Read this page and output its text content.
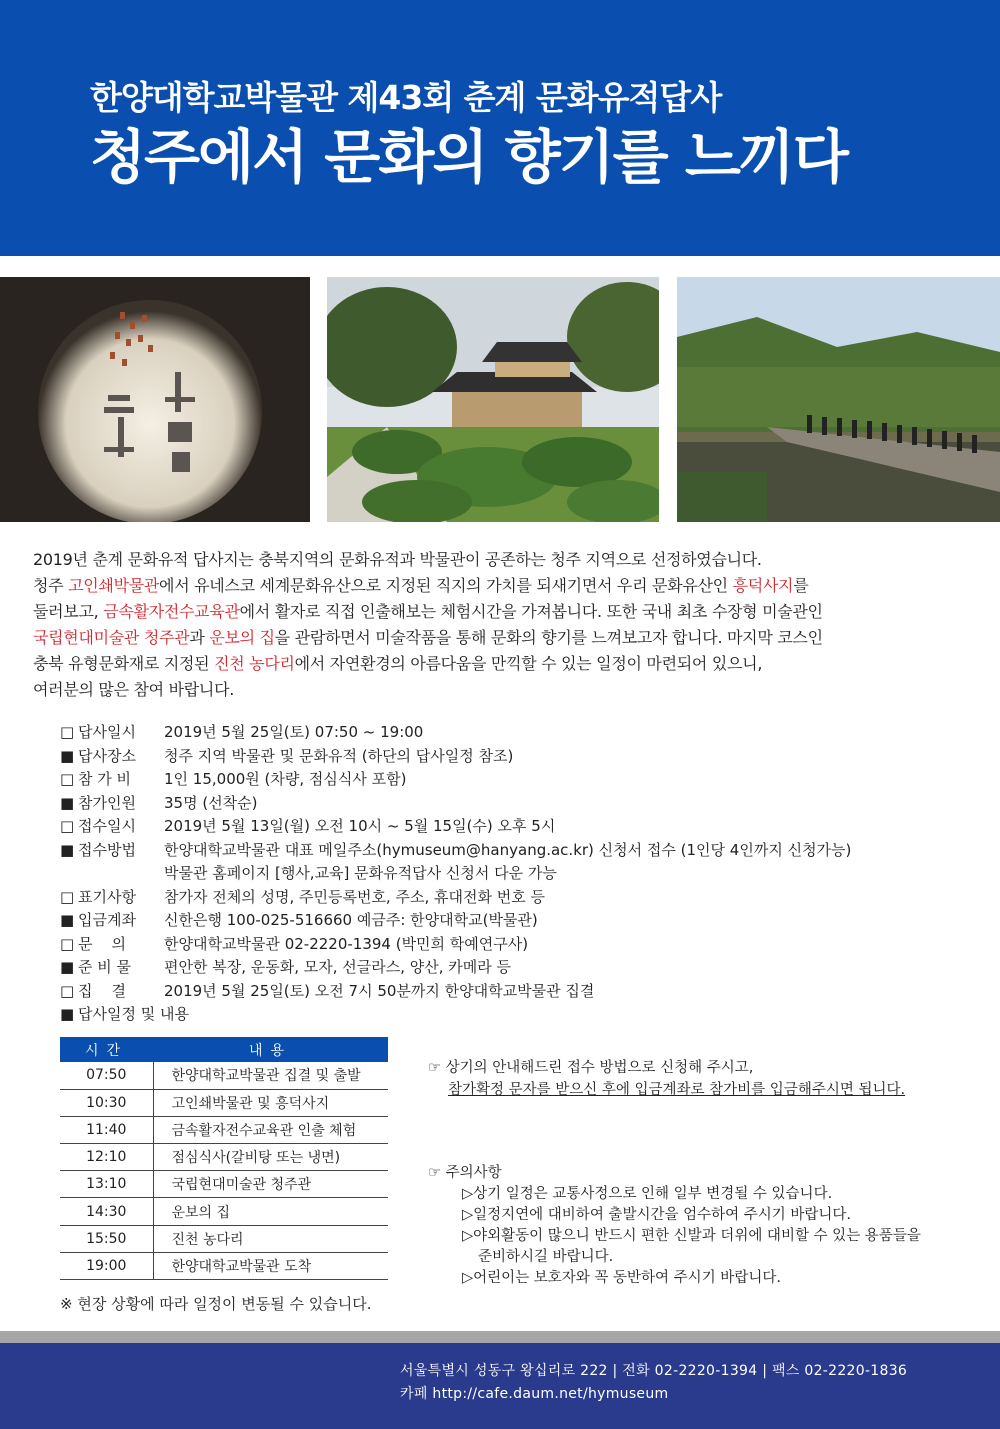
한양대학교박물관 제43회 춘계 문화유적답사
청주에서 문화의 향기를 느끼다
2019년 춘계 문화유적 답사지는 충북지역의 문화유적과 박물관이 공존하는 청주 지역으로 선정하였습니다.
청주 고인쇄박물관에서 유네스코 세계문화유산으로 지정된 직지의 가치를 되새기면서 우리 문화유산인 흥덕사지를
둘러보고, 금속활자전수교육관에서 활자로 직접 인출해보는 체험시간을 가져봅니다. 또한 국내 최초 수장형 미술관인
국립현대미술관 청주관과 운보의 집을 관람하면서 미술작품을 통해 문화의 향기를 느껴보고자 합니다. 마지막 코스인
충북 유형문화재로 지정된 진천 농다리에서 자연환경의 아름다움을 만끽할 수 있는 일정이 마련되어 있으니,
여러분의 많은 참여 바랍니다.
□ 답사일시	2019년 5월 25일(토) 07:50 ~ 19:00
■ 답사장소	청주 지역 박물관 및 문화유적 (하단의 답사일정 참조)
□ 참 가 비	1인 15,000원 (차량, 점심식사 포함)
■ 참가인원	35명 (선착순)
□ 접수일시	2019년 5월 13일(월) 오전 10시 ~ 5월 15일(수) 오후 5시
■ 접수방법	한양대학교박물관 대표 메일주소(hymuseum@hanyang.ac.kr) 신청서 접수 (1인당 4인까지 신청가능)
박물관 홈페이지 [행사,교육] 문화유적답사 신청서 다운 가능
□ 표기사항	참가자 전체의 성명, 주민등록번호, 주소, 휴대전화 번호 등
■ 입금계좌	신한은행 100-025-516660 예금주: 한양대학교(박물관)
□ 문    의	한양대학교박물관 02-2220-1394 (박민희 학예연구사)
■ 준 비 물	편안한 복장, 운동화, 모자, 선글라스, 양산, 카메라 등
□ 집    결	2019년 5월 25일(토) 오전 7시 50분까지 한양대학교박물관 집결
■ 답사일정 및 내용
시간	내용
07:50	한양대학교박물관 집결 및 출발
10:30	고인쇄박물관 및 흥덕사지
11:40	금속활자전수교육관 인출 체험
12:10	점심식사(갈비탕 또는 냉면)
13:10	국립현대미술관 청주관
14:30	운보의 집
15:50	진천 농다리
19:00	한양대학교박물관 도착
※ 현장 상황에 따라 일정이 변동될 수 있습니다.
☞ 상기의 안내해드린 접수 방법으로 신청해 주시고,
참가확정 문자를 받으신 후에 입금계좌로 참가비를 입금해주시면 됩니다.
☞ 주의사항
▷상기 일정은 교통사정으로 인해 일부 변경될 수 있습니다.
▷일정지연에 대비하여 출발시간을 엄수하여 주시기 바랍니다.
▷야외활동이 많으니 반드시 편한 신발과 더위에 대비할 수 있는 용품들을
준비하시길 바랍니다.
▷어린이는 보호자와 꼭 동반하여 주시기 바랍니다.
서울특별시 성동구 왕십리로 222 | 전화 02-2220-1394 | 팩스 02-2220-1836
카페 http://cafe.daum.net/hymuseum
